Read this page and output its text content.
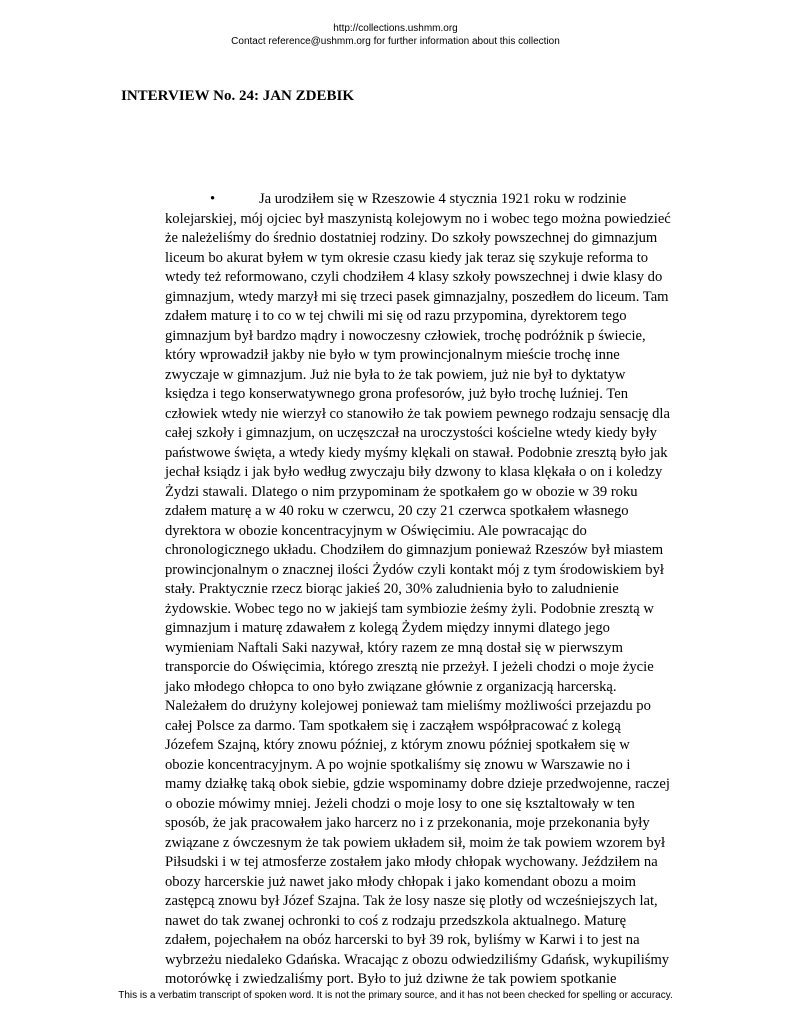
http://collections.ushmm.org
Contact reference@ushmm.org for further information about this collection
INTERVIEW No. 24: JAN ZDEBIK
•	Ja urodziłem się w Rzeszowie 4 stycznia 1921 roku w rodzinie
kolejarskiej, mój ojciec był maszynistą kolejowym no i wobec tego można powiedzieć
że należeliśmy do średnio dostatniej rodziny. Do szkoły powszechnej do gimnazjum
liceum bo akurat byłem w tym okresie czasu kiedy jak teraz się szykuje reforma to
wtedy też reformowano, czyli chodziłem 4 klasy szkoły powszechnej i dwie klasy do
gimnazjum, wtedy marzył mi się trzeci pasek gimnazjalny, poszedłem do liceum. Tam
zdałem maturę i to co w tej chwili mi się od razu przypomina, dyrektorem tego
gimnazjum był bardzo mądry i nowoczesny człowiek, trochę podróżnik p świecie,
który wprowadził jakby nie było w tym prowincjonalnym mieście trochę inne
zwyczaje w gimnazjum. Już nie była to że tak powiem, już nie był to dyktatyw
księdza i tego konserwatywnego grona profesorów, już było trochę luźniej. Ten
człowiek wtedy nie wierzył co stanowiło że tak powiem pewnego rodzaju sensację dla
całej szkoły i gimnazjum, on uczęszczał na uroczystości kościelne wtedy kiedy były
państwowe święta, a wtedy kiedy myśmy klękali on stawał. Podobnie zresztą było jak
jechał ksiądz i jak było według zwyczaju biły dzwony to klasa klękała o on i koledzy
Żydzi stawali. Dlatego o nim przypominam że spotkałem go w obozie w 39 roku
zdałem maturę a w 40 roku w czerwcu, 20 czy 21 czerwca spotkałem własnego
dyrektora w obozie koncentracyjnym w Oświęcimiu. Ale powracając do
chronologicznego układu. Chodziłem do gimnazjum ponieważ Rzeszów był miastem
prowincjonalnym o znacznej ilości Żydów czyli kontakt mój z tym środowiskiem był
stały. Praktycznie rzecz biorąc jakieś 20, 30% zaludnienia było to zaludnienie
żydowskie. Wobec tego no w jakiejś tam symbiozie żeśmy żyli. Podobnie zresztą w
gimnazjum i maturę zdawałem z kolegą Żydem między innymi dlatego jego
wymieniam Naftali Saki nazywał, który razem ze mną dostał się w pierwszym
transporcie do Oświęcimia, którego zresztą nie przeżył. I jeżeli chodzi o moje życie
jako młodego chłopca to ono było związane głównie z organizacją harcerską.
Należałem do drużyny kolejowej ponieważ tam mieliśmy możliwości przejazdu po
całej Polsce za darmo. Tam spotkałem się i zacząłem współpracować z kolegą
Józefem Szajną, który znowu później, z którym znowu później spotkałem się w
obozie koncentracyjnym. A po wojnie spotkaliśmy się znowu w Warszawie no i
mamy działkę taką obok siebie, gdzie wspominamy dobre dzieje przedwojenne, raczej
o obozie mówimy mniej. Jeżeli chodzi o moje losy to one się ksztaltowały w ten
sposób, że jak pracowałem jako harcerz no i z przekonania, moje przekonania były
związane z ówczesnym że tak powiem układem sił, moim że tak powiem wzorem był
Piłsudski i w tej atmosferze zostałem jako młody chłopak wychowany. Jeździłem na
obozy harcerskie już nawet jako młody chłopak i jako komendant obozu a moim
zastępcą znowu był Józef Szajna. Tak że losy nasze się plotły od wcześniejszych lat,
nawet do tak zwanej ochronki to coś z rodzaju przedszkola aktualnego. Maturę
zdałem, pojechałem na obóz harcerski to był 39 rok, byliśmy w Karwi i to jest na
wybrzeżu niedaleko Gdańska. Wracając z obozu odwiedziliśmy Gdańsk, wykupiliśmy
motorówkę i zwiedzaliśmy port. Było to już dziwne że tak powiem spotkanie
This is a verbatim transcript of spoken word. It is not the primary source, and it has not been checked for spelling or accuracy.
